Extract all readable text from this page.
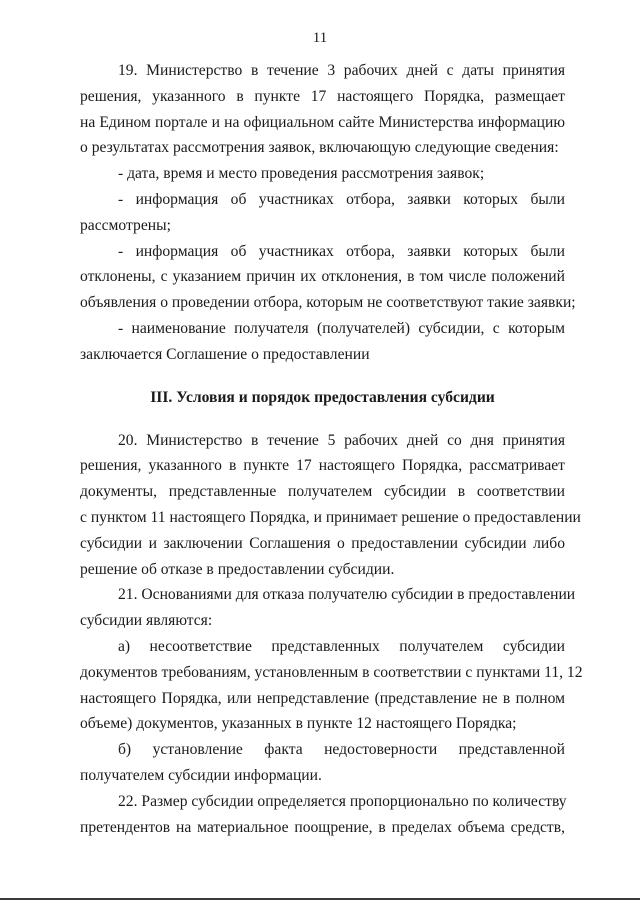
11
19. Министерство в течение 3 рабочих дней с даты принятия
решения, указанного в пункте 17 настоящего Порядка, размещает
на Едином портале и на официальном сайте Министерства информацию
о результатах рассмотрения заявок, включающую следующие сведения:
- дата, время и место проведения рассмотрения заявок;
- информация об участниках отбора, заявки которых были
рассмотрены;
- информация об участниках отбора, заявки которых были
отклонены, с указанием причин их отклонения, в том числе положений
объявления о проведении отбора, которым не соответствуют такие заявки;
- наименование получателя (получателей) субсидии, с которым
заключается Соглашение о предоставлении
III. Условия и порядок предоставления субсидии
20. Министерство в течение 5 рабочих дней со дня принятия
решения, указанного в пункте 17 настоящего Порядка, рассматривает
документы, представленные получателем субсидии в соответствии
с пунктом 11 настоящего Порядка, и принимает решение о предоставлении
субсидии и заключении Соглашения о предоставлении субсидии либо
решение об отказе в предоставлении субсидии.
21. Основаниями для отказа получателю субсидии в предоставлении
субсидии являются:
а) несоответствие представленных получателем субсидии
документов требованиям, установленным в соответствии с пунктами 11, 12
настоящего Порядка, или непредставление (представление не в полном
объеме) документов, указанных в пункте 12 настоящего Порядка;
б) установление факта недостоверности представленной
получателем субсидии информации.
22. Размер субсидии определяется пропорционально по количеству
претендентов на материальное поощрение, в пределах объема средств,
